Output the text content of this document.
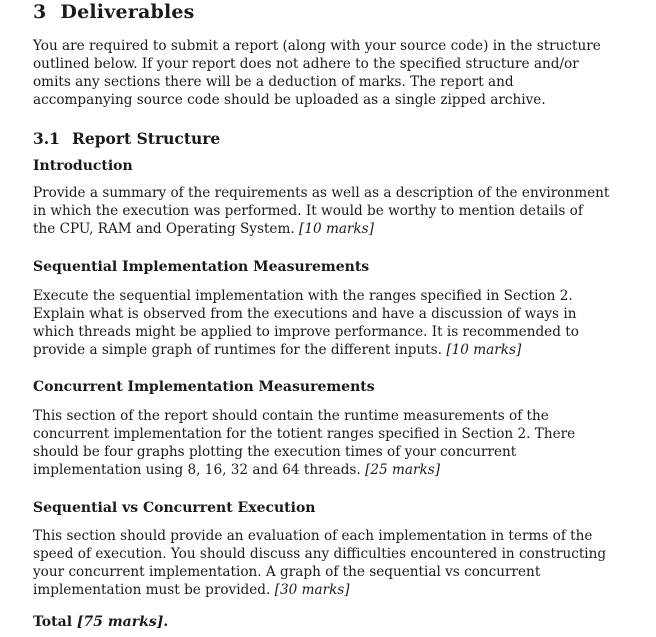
3 Deliverables
You are required to submit a report (along with your source code) in the structure
outlined below. If your report does not adhere to the specified structure and/or
omits any sections there will be a deduction of marks. The report and
accompanying source code should be uploaded as a single zipped archive.
3.1 Report Structure
Introduction
Provide a summary of the requirements as well as a description of the environment
in which the execution was performed. It would be worthy to mention details of
the CPU, RAM and Operating System. [10 marks]
Sequential Implementation Measurements
Execute the sequential implementation with the ranges specified in Section 2.
Explain what is observed from the executions and have a discussion of ways in
which threads might be applied to improve performance. It is recommended to
provide a simple graph of runtimes for the different inputs. [10 marks]
Concurrent Implementation Measurements
This section of the report should contain the runtime measurements of the
concurrent implementation for the totient ranges specified in Section 2. There
should be four graphs plotting the execution times of your concurrent
implementation using 8, 16, 32 and 64 threads. [25 marks]
Sequential vs Concurrent Execution
This section should provide an evaluation of each implementation in terms of the
speed of execution. You should discuss any difficulties encountered in constructing
your concurrent implementation. A graph of the sequential vs concurrent
implementation must be provided. [30 marks]
Total [75 marks].
